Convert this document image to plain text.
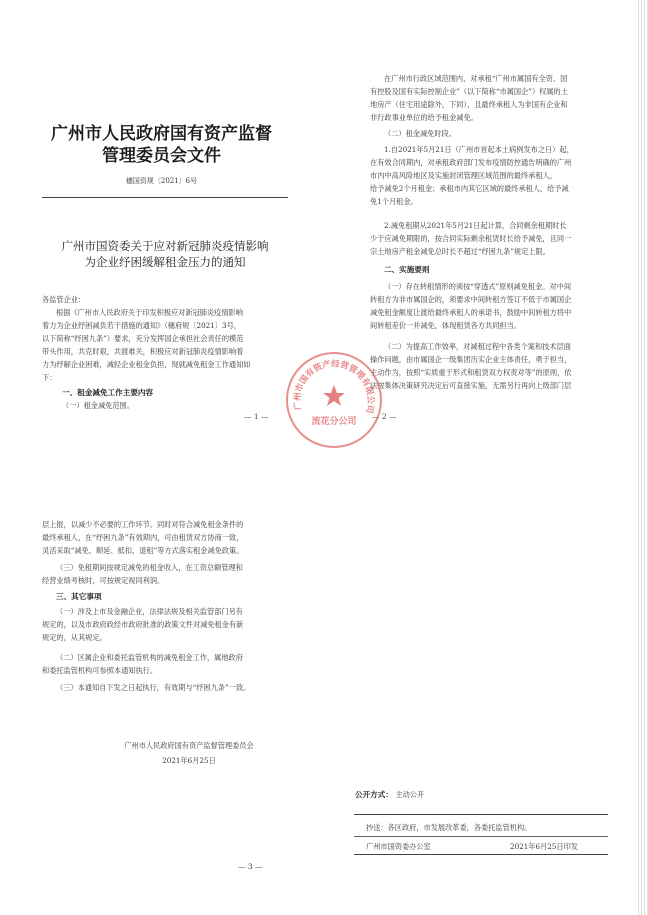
广州市人民政府国有资产监督管理委员会文件
穗国资规〔2021〕6号
广州市国资委关于应对新冠肺炎疫情影响
为企业纾困缓解租金压力的通知
各监管企业：
根据《广州市人民政府关于印发积极应对新冠肺炎疫情影响
着力为企业纾困减负若干措施的通知》（穗府规〔2021〕3号，
以下简称“纾困九条”）要求，充分发挥国企承担社会责任的模范
带头作用，共克时艰，共渡难关，积极应对新冠肺炎疫情影响着
力为纾解企业困难，减轻企业租金负担，现就减免租金工作通知如
下：
一、租金减免工作主要内容
（一）租金减免范围。
— 1 —
在广州市行政区域范围内，对承租“广州市属国有全资、国
有控股及国有实际控制企业”（以下简称“市属国企”）权属的土
地房产（住宅用途除外，下同），且最终承租人为非国有企业和
非行政事业单位的给予租金减免。
（二）租金减免时段。
1.自2021年5月21日（广州市首起本土病例发布之日）起，
在有效合同期内，对承租政府部门发布疫情防控通告明确的广州
市内中高风险地区及实施封闭管理区域范围的最终承租人，
给予减免2个月租金；承租市内其它区域的最终承租人，给予减
免1个月租金。
2.减免租期从2021年5月21日起计算，合同剩余租期时长
少于应减免期限的，按合同实际剩余租赁时长给予减免，且同一
宗土地房产租金减免总时长不超过“纾困九条”规定上限。
二、实施要则
（一）存在转租情形的须按“穿透式”原则减免租金。对中间
转租方为非市属国企的，须要求中间转租方签订不低于市属国企
减免租金额度让渡给最终承租人的承诺书，鼓励中间转租方将中
间转租差价一并减免，体现租赁各方共同担当。
（二）为提高工作效率，对减租过程中各类个案和技术层面
操作问题，由市属国企一级集团历实企业主体责任，勇于担当，
主动作为，按照“实质重于形式和租赁双方权责对等”的原则，依
法按集体决策研究决定后可直接实施，无需另行再向上级部门层
— 2 —
流花分公司
广州市国有资产经营管理有限公司
层上报，以减少不必要的工作环节。同时对符合减免租金条件的
最终承租人，在“纾困九条”有效期内，可由租赁双方协商一致，
灵活采取“减免、顺延、抵扣、退租”等方式落实租金减免政策。
（三）免租期间按规定减免的租金收入，在工资总额管理和
经营业绩考核时，可按规定视同利润。
三、其它事项
（一）涉及上市及金融企业，法律法规及相关监管部门另有
规定的，以及市政府政经市政府批准的政策文件对减免租金有新
规定的，从其规定。
（二）区属企业和委托监管机构的减免租金工作，属地政府
和委托监管机构可参照本通知执行。
（三）本通知自下发之日起执行，有效期与“纾困九条”一致。
广州市人民政府国有资产监督管理委员会
2021年6月25日
— 3 —
公开方式： 主动公开
抄送：各区政府，市发展改革委，各委托监管机构。
广州市国资委办公室	2021年6月25日印发
